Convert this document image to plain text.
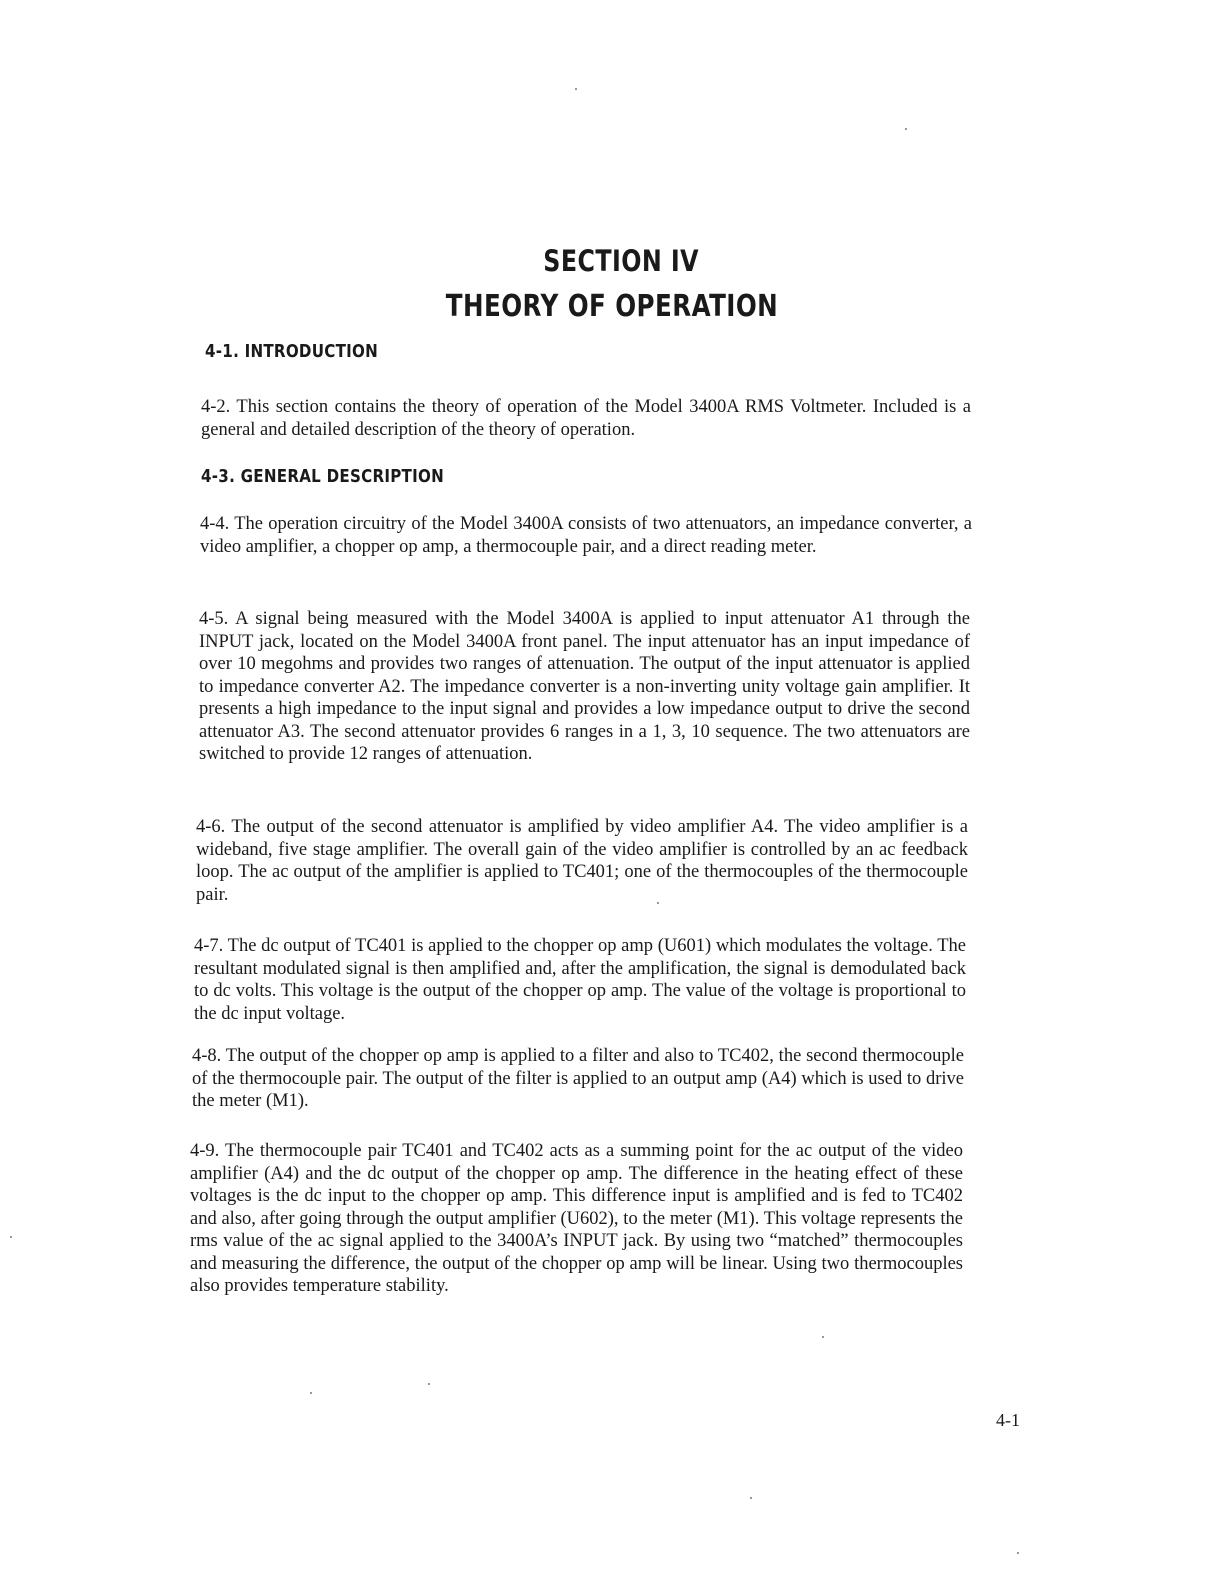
SECTION IV
THEORY OF OPERATION
4-1. INTRODUCTION

4-2. This section contains the theory of operation of the Model 3400A RMS Voltmeter. Included is a general and detailed description of the theory of operation.

4-3. GENERAL DESCRIPTION

4-4. The operation circuitry of the Model 3400A consists of two attenuators, an impedance converter, a video amplifier, a chopper op amp, a thermocouple pair, and a direct reading meter.

4-5. A signal being measured with the Model 3400A is applied to input attenuator A1 through the INPUT jack, located on the Model 3400A front panel. The input attenuator has an input impedance of over 10 megohms and provides two ranges of attenuation. The output of the input attenuator is applied to impedance converter A2. The impedance converter is a non-inverting unity voltage gain amplifier. It presents a high impedance to the input signal and provides a low impedance output to drive the second attenuator A3. The second attenuator provides 6 ranges in a 1, 3, 10 sequence. The two attenuators are switched to provide 12 ranges of attenuation.

4-6. The output of the second attenuator is amplified by video amplifier A4. The video amplifier is a wideband, five stage amplifier. The overall gain of the video amplifier is controlled by an ac feedback loop. The ac output of the amplifier is applied to TC401; one of the thermocouples of the thermocouple pair.

4-7. The dc output of TC401 is applied to the chopper op amp (U601) which modulates the voltage. The resultant modulated signal is then amplified and, after the amplification, the signal is demodulated back to dc volts. This voltage is the output of the chopper op amp. The value of the voltage is proportional to the dc input voltage.

4-8. The output of the chopper op amp is applied to a filter and also to TC402, the second thermocouple of the thermocouple pair. The output of the filter is applied to an output amp (A4) which is used to drive the meter (M1).

4-9. The thermocouple pair TC401 and TC402 acts as a summing point for the ac output of the video amplifier (A4) and the dc output of the chopper op amp. The difference in the heating effect of these voltages is the dc input to the chopper op amp. This difference input is amplified and is fed to TC402 and also, after going through the output amplifier (U602), to the meter (M1). This voltage represents the rms value of the ac signal applied to the 3400A’s INPUT jack. By using two “matched” thermocouples and measuring the difference, the output of the chopper op amp will be linear. Using two thermocouples also provides temperature stability.

4-1
